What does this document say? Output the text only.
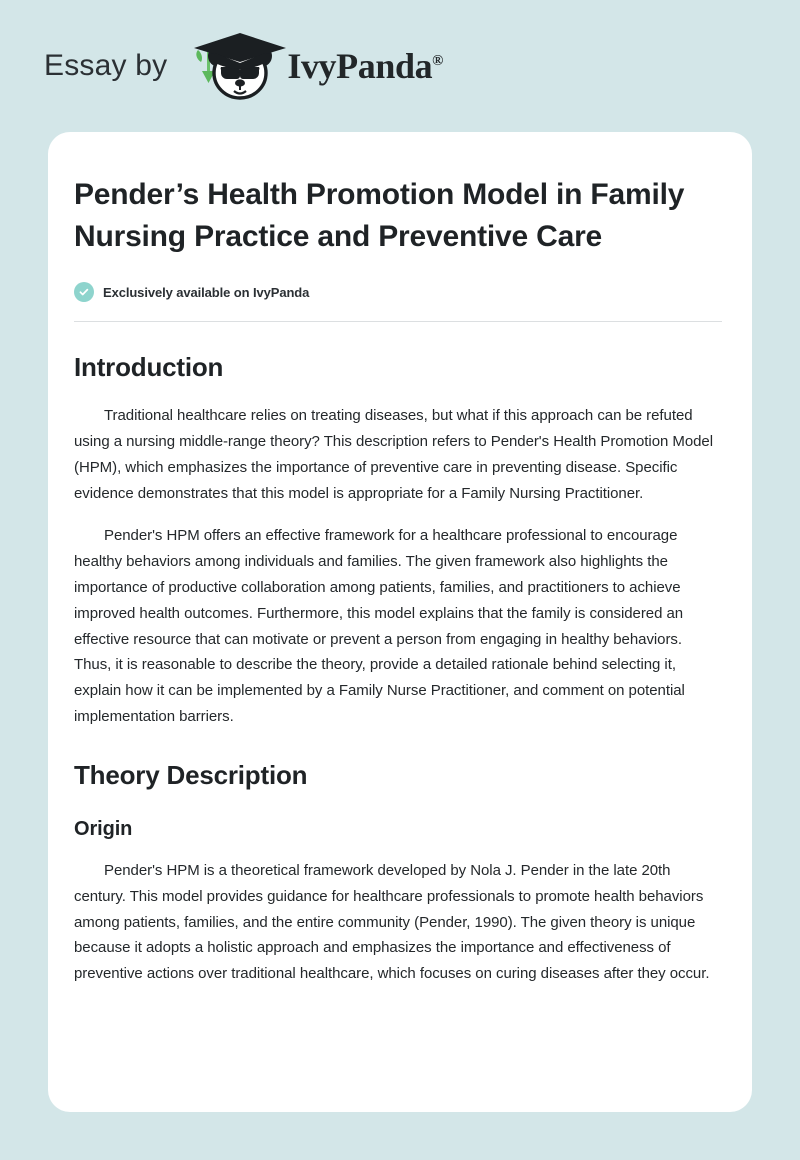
Essay by	IvyPanda®
Pender’s Health Promotion Model in Family Nursing Practice and Preventive Care
Exclusively available on IvyPanda
Introduction

Traditional healthcare relies on treating diseases, but what if this approach can be refuted using a nursing middle-range theory? This description refers to Pender's Health Promotion Model (HPM), which emphasizes the importance of preventive care in preventing disease. Specific evidence demonstrates that this model is appropriate for a Family Nursing Practitioner.

Pender's HPM offers an effective framework for a healthcare professional to encourage healthy behaviors among individuals and families. The given framework also highlights the importance of productive collaboration among patients, families, and practitioners to achieve improved health outcomes. Furthermore, this model explains that the family is considered an effective resource that can motivate or prevent a person from engaging in healthy behaviors. Thus, it is reasonable to describe the theory, provide a detailed rationale behind selecting it, explain how it can be implemented by a Family Nurse Practitioner, and comment on potential implementation barriers.

Theory Description
Origin

Pender's HPM is a theoretical framework developed by Nola J. Pender in the late 20th century. This model provides guidance for healthcare professionals to promote health behaviors among patients, families, and the entire community (Pender, 1990). The given theory is unique because it adopts a holistic approach and emphasizes the importance and effectiveness of preventive actions over traditional healthcare, which focuses on curing diseases after they occur.
